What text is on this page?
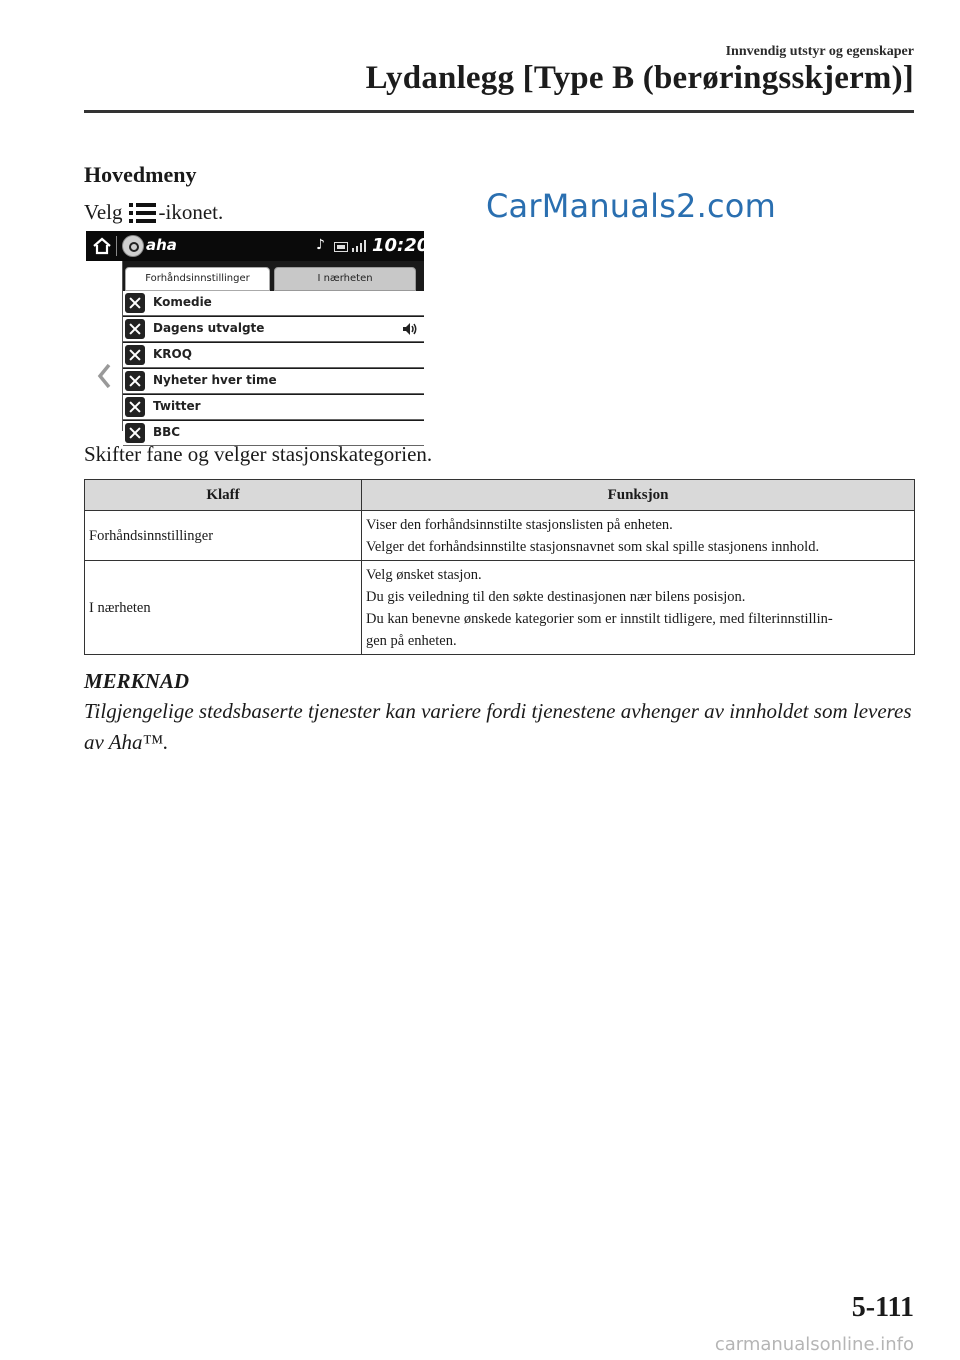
Innvendig utstyr og egenskaper
Lydanlegg [Type B (berøringsskjerm)]
CarManuals2.com
Hovedmeny
Velg -ikonet.
aha	♪	10:20
Forhåndsinnstillinger	I nærheten
Komedie
Dagens utvalgte
KROQ
Nyheter hver time
Twitter
BBC
Skifter fane og velger stasjonskategorien.
Klaff	Funksjon
Forhåndsinnstillinger	Viser den forhåndsinnstilte stasjonslisten på enheten.
Velger det forhåndsinnstilte stasjonsnavnet som skal spille stasjonens innhold.

I nærheten	Velg ønsket stasjon.
Du gis veiledning til den søkte destinasjonen nær bilens posisjon.
Du kan benevne ønskede kategorier som er innstilt tidligere, med filterinnstillin-
gen på enheten.
MERKNAD
Tilgjengelige stedsbaserte tjenester kan variere fordi tjenestene avhenger av innholdet som leveres av Aha™.
5-111
carmanualsonline.info
